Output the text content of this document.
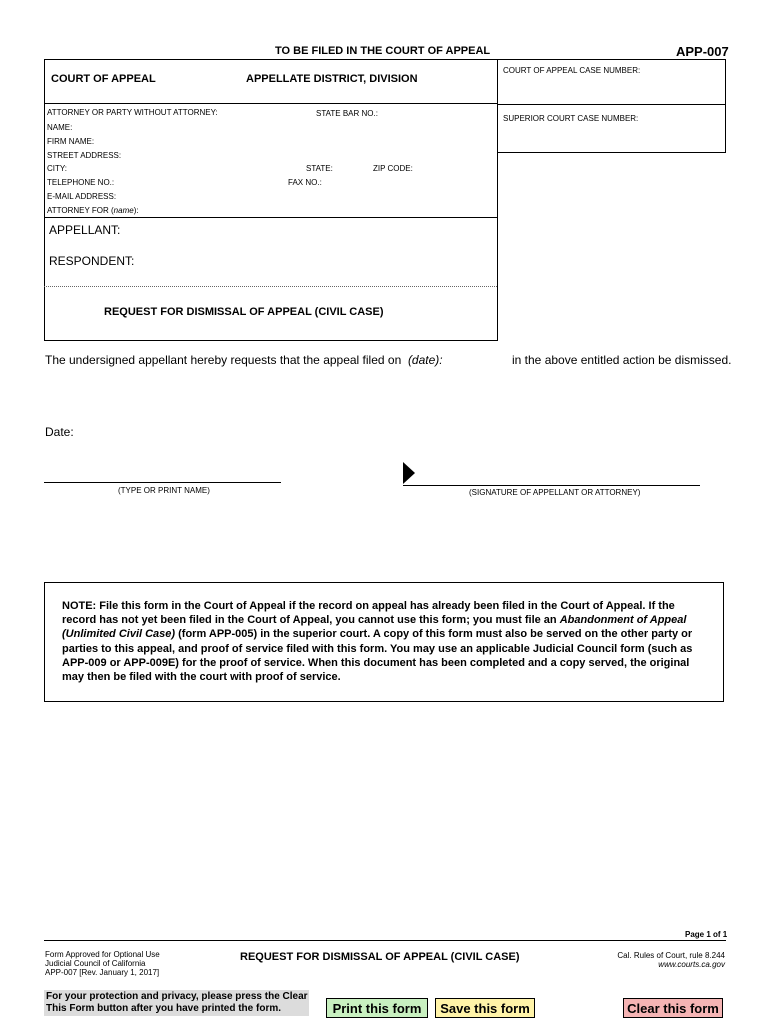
TO BE FILED IN THE COURT OF APPEAL	APP-007
COURT OF APPEAL	APPELLATE DISTRICT, DIVISION
COURT OF APPEAL CASE NUMBER:
SUPERIOR COURT CASE NUMBER:
ATTORNEY OR PARTY WITHOUT ATTORNEY:	STATE BAR NO.:
NAME:
FIRM NAME:
STREET ADDRESS:
CITY:	STATE:	ZIP CODE:
TELEPHONE NO.:	FAX NO.:
E-MAIL ADDRESS:
ATTORNEY FOR (name):
APPELLANT:
RESPONDENT:
REQUEST FOR DISMISSAL OF APPEAL (CIVIL CASE)
The undersigned appellant hereby requests that the appeal filed on (date):	in the above entitled action be dismissed.
Date:
(TYPE OR PRINT NAME)	(SIGNATURE OF APPELLANT OR ATTORNEY)
NOTE: File this form in the Court of Appeal if the record on appeal has already been filed in the Court of Appeal. If the record has not yet been filed in the Court of Appeal, you cannot use this form; you must file an Abandonment of Appeal (Unlimited Civil Case) (form APP-005) in the superior court. A copy of this form must also be served on the other party or parties to this appeal, and proof of service filed with this form. You may use an applicable Judicial Council form (such as APP-009 or APP-009E) for the proof of service. When this document has been completed and a copy served, the original may then be filed with the court with proof of service.
Page 1 of 1
Form Approved for Optional Use
Judicial Council of California
APP-007 [Rev. January 1, 2017]
REQUEST FOR DISMISSAL OF APPEAL (CIVIL CASE)	Cal. Rules of Court, rule 8.244
www.courts.ca.gov
For your protection and privacy, please press the Clear
This Form button after you have printed the form.	Print this form	Save this form	Clear this form
